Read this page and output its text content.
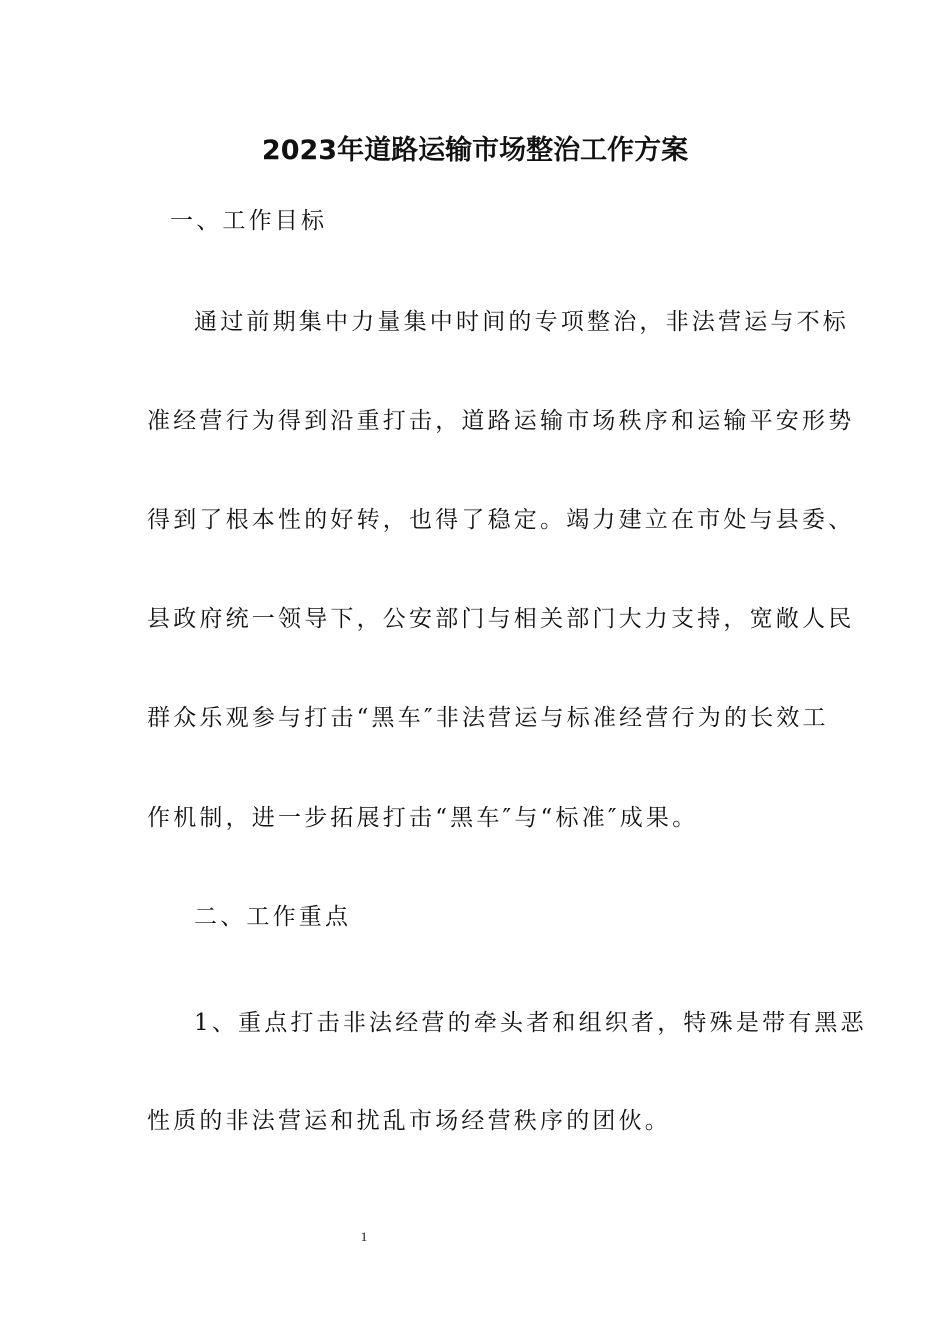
2023年道路运输市场整治工作方案
一、工作目标
通过前期集中力量集中时间的专项整治，非法营运与不标
准经营行为得到沿重打击，道路运输市场秩序和运输平安形势
得到了根本性的好转，也得了稳定。竭力建立在市处与县委、
县政府统一领导下，公安部门与相关部门大力支持，宽敞人民
群众乐观参与打击“黑车″非法营运与标准经营行为的长效工
作机制，进一步拓展打击“黑车″与“标准″成果。
二、工作重点
1、重点打击非法经营的牵头者和组织者，特殊是带有黑恶
性质的非法营运和扰乱市场经营秩序的团伙。
1
